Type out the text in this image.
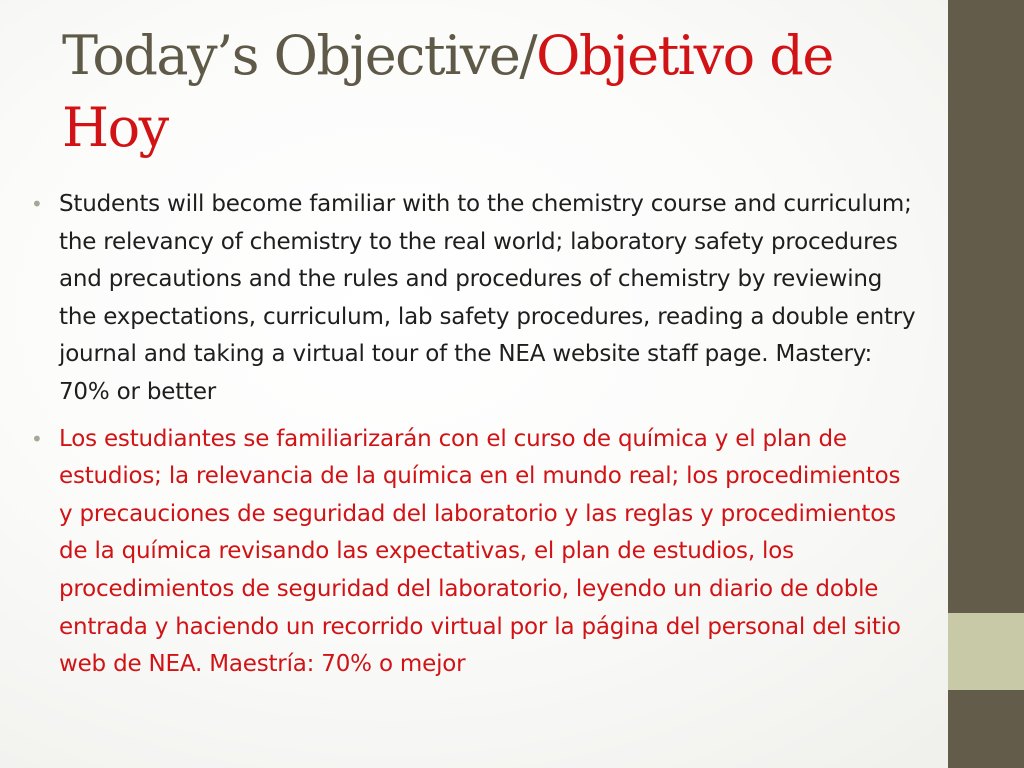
Today’s Objective/Objetivo de Hoy
• Students will become familiar with to the chemistry course and curriculum; the relevancy of chemistry to the real world; laboratory safety procedures and precautions and the rules and procedures of chemistry by reviewing the expectations, curriculum, lab safety procedures, reading a double entry journal and taking a virtual tour of the NEA website staff page. Mastery: 70% or better
• Los estudiantes se familiarizarán con el curso de química y el plan de estudios; la relevancia de la química en el mundo real; los procedimientos y precauciones de seguridad del laboratorio y las reglas y procedimientos de la química revisando las expectativas, el plan de estudios, los procedimientos de seguridad del laboratorio, leyendo un diario de doble entrada y haciendo un recorrido virtual por la página del personal del sitio web de NEA. Maestría: 70% o mejor
